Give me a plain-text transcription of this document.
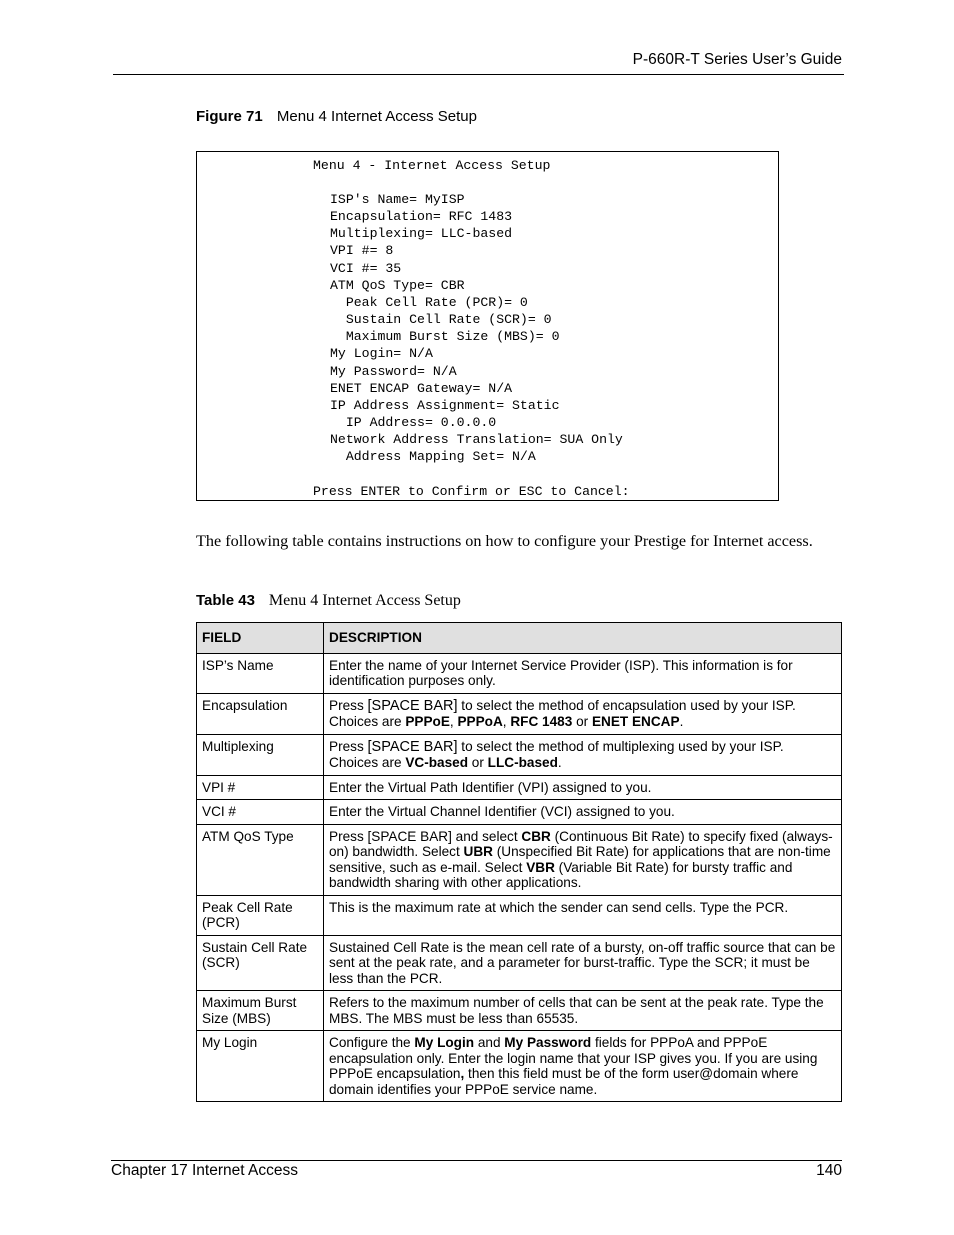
P-660R-T Series User’s Guide
Figure 71 Menu 4 Internet Access Setup
Menu 4 - Internet Access Setup
ISP's Name= MyISP
Encapsulation= RFC 1483
Multiplexing= LLC-based
VPI #= 8
VCI #= 35
ATM QoS Type= CBR
Peak Cell Rate (PCR)= 0
Sustain Cell Rate (SCR)= 0
Maximum Burst Size (MBS)= 0
My Login= N/A
My Password= N/A
ENET ENCAP Gateway= N/A
IP Address Assignment= Static
IP Address= 0.0.0.0
Network Address Translation= SUA Only
Address Mapping Set= N/A
Press ENTER to Confirm or ESC to Cancel:
The following table contains instructions on how to configure your Prestige for Internet access.
Table 43 Menu 4 Internet Access Setup
FIELD	DESCRIPTION
ISP’s Name	Enter the name of your Internet Service Provider (ISP). This information is for identification purposes only.
Encapsulation	Press [SPACE BAR] to select the method of encapsulation used by your ISP. Choices are PPPoE, PPPoA, RFC 1483 or ENET ENCAP.
Multiplexing	Press [SPACE BAR] to select the method of multiplexing used by your ISP. Choices are VC-based or LLC-based.
VPI #	Enter the Virtual Path Identifier (VPI) assigned to you.
VCI #	Enter the Virtual Channel Identifier (VCI) assigned to you.
ATM QoS Type	Press [SPACE BAR] and select CBR (Continuous Bit Rate) to specify fixed (always-on) bandwidth. Select UBR (Unspecified Bit Rate) for applications that are non-time sensitive, such as e-mail. Select VBR (Variable Bit Rate) for bursty traffic and bandwidth sharing with other applications.
Peak Cell Rate (PCR)	This is the maximum rate at which the sender can send cells. Type the PCR.
Sustain Cell Rate (SCR)	Sustained Cell Rate is the mean cell rate of a bursty, on-off traffic source that can be sent at the peak rate, and a parameter for burst-traffic. Type the SCR; it must be less than the PCR.
Maximum Burst Size (MBS)	Refers to the maximum number of cells that can be sent at the peak rate. Type the MBS. The MBS must be less than 65535.
My Login	Configure the My Login and My Password fields for PPPoA and PPPoE encapsulation only. Enter the login name that your ISP gives you. If you are using PPPoE encapsulation, then this field must be of the form user@domain where domain identifies your PPPoE service name.
Chapter 17 Internet Access	140
